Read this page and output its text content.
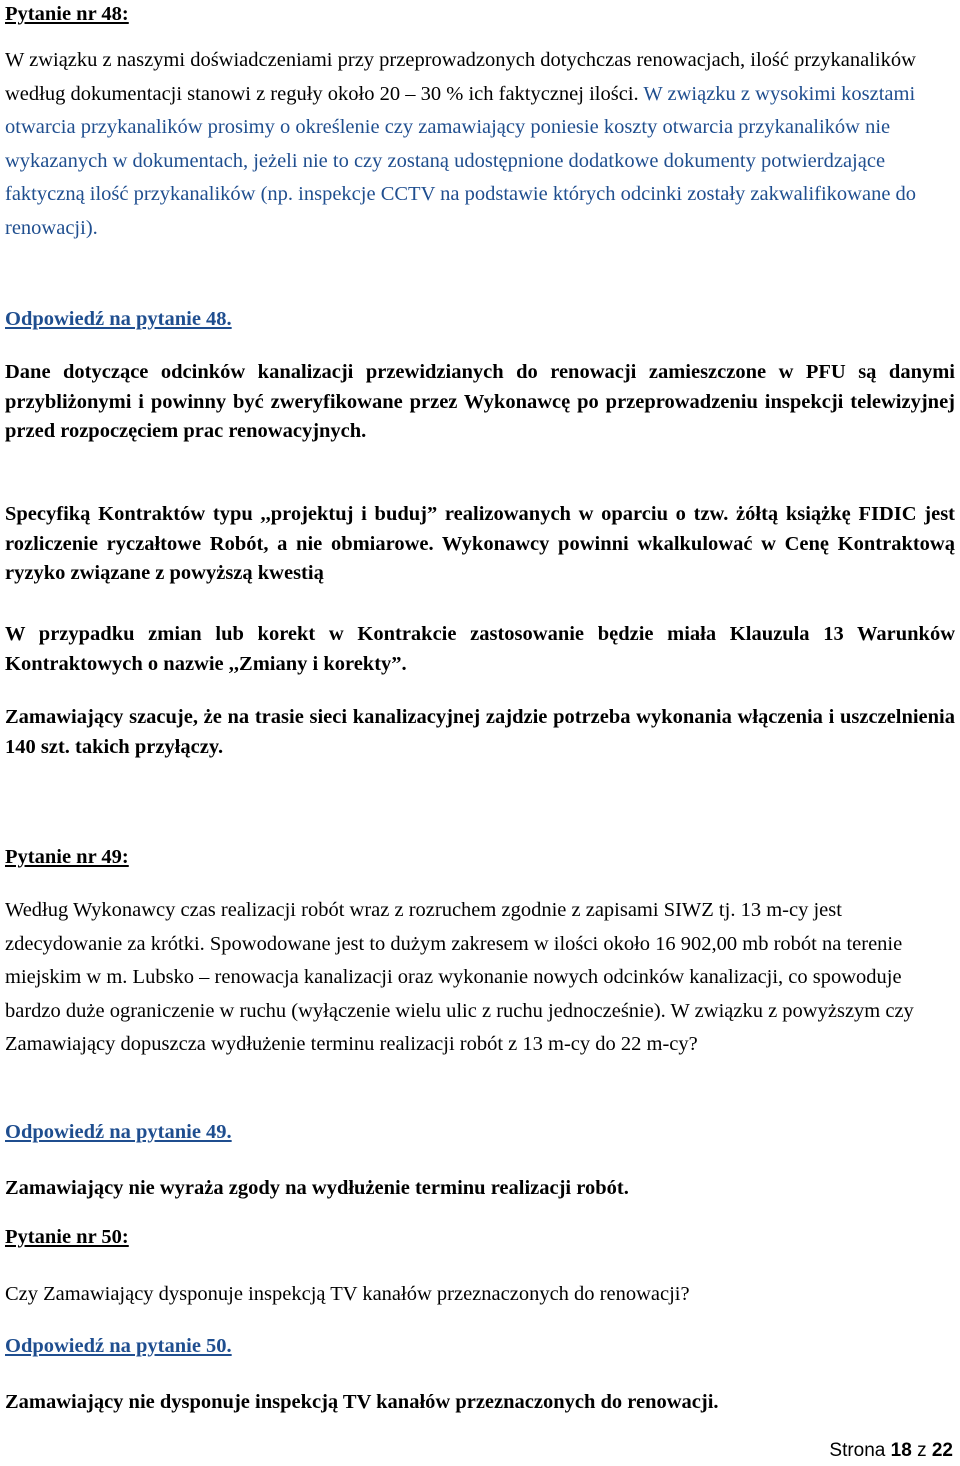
Pytanie nr 48:

W związku z naszymi doświadczeniami przy przeprowadzonych dotychczas renowacjach, ilość przykanalików według dokumentacji stanowi z reguły około 20 – 30 % ich faktycznej ilości. W związku z wysokimi kosztami otwarcia przykanalików prosimy o określenie czy zamawiający poniesie koszty otwarcia przykanalików nie wykazanych w dokumentach, jeżeli nie to czy zostaną udostępnione dodatkowe dokumenty potwierdzające faktyczną ilość przykanalików (np. inspekcje CCTV na podstawie których odcinki zostały zakwalifikowane do renowacji).

Odpowiedź na pytanie 48.

Dane dotyczące odcinków kanalizacji przewidzianych do renowacji zamieszczone w PFU są danymi przybliżonymi i powinny być zweryfikowane przez Wykonawcę po przeprowadzeniu inspekcji telewizyjnej przed rozpoczęciem prac renowacyjnych.

Specyfiką Kontraktów typu ,,projektuj i buduj” realizowanych w oparciu o tzw. żółtą książkę FIDIC jest rozliczenie ryczałtowe Robót, a nie obmiarowe. Wykonawcy powinni wkalkulować w Cenę Kontraktową ryzyko związane z powyższą kwestią

W przypadku zmian lub korekt w Kontrakcie zastosowanie będzie miała Klauzula 13 Warunków Kontraktowych o nazwie ,,Zmiany i korekty”.

Zamawiający szacuje, że na trasie sieci kanalizacyjnej zajdzie potrzeba wykonania włączenia i uszczelnienia 140 szt. takich przyłączy.

Pytanie nr 49:

Według Wykonawcy czas realizacji robót wraz z rozruchem zgodnie z zapisami SIWZ tj. 13 m-cy jest zdecydowanie za krótki. Spowodowane jest to dużym zakresem w ilości około 16 902,00 mb robót na terenie miejskim w m. Lubsko – renowacja kanalizacji oraz wykonanie nowych odcinków kanalizacji, co spowoduje bardzo duże ograniczenie w ruchu (wyłączenie wielu ulic z ruchu jednocześnie). W związku z powyższym czy Zamawiający dopuszcza wydłużenie terminu realizacji robót z 13 m-cy do 22 m-cy?

Odpowiedź na pytanie 49.

Zamawiający nie wyraża zgody na wydłużenie terminu realizacji robót.

Pytanie nr 50:

Czy Zamawiający dysponuje inspekcją TV kanałów przeznaczonych do renowacji?

Odpowiedź na pytanie 50.

Zamawiający nie dysponuje inspekcją TV kanałów przeznaczonych do renowacji.

Strona 18 z 22
